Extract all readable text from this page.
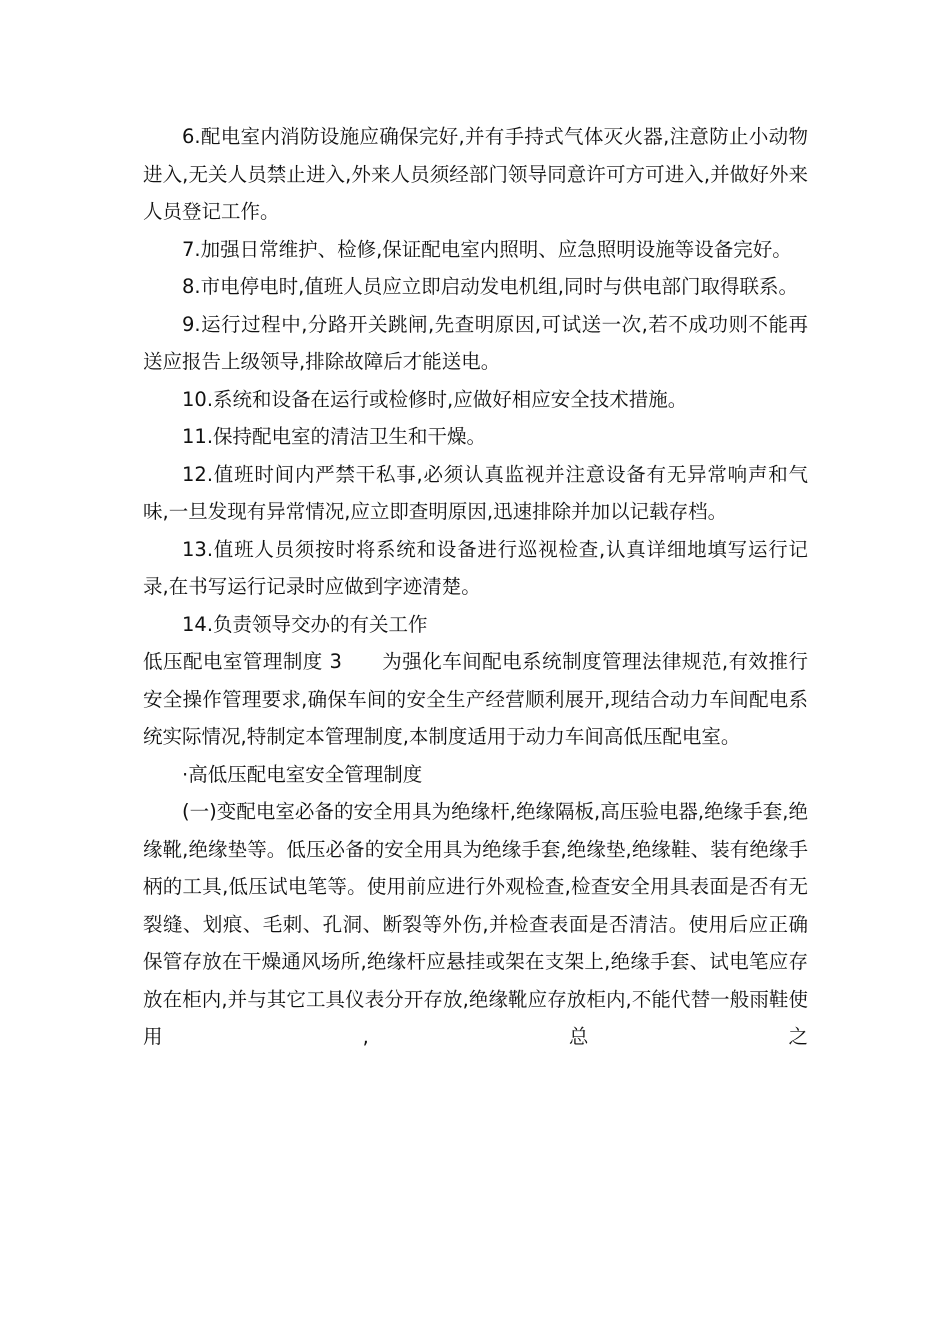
6.配电室内消防设施应确保完好,并有手持式气体灭火器,注意防止小动物进入,无关人员禁止进入,外来人员须经部门领导同意许可方可进入,并做好外来人员登记工作。

7.加强日常维护、检修,保证配电室内照明、应急照明设施等设备完好。

8.市电停电时,值班人员应立即启动发电机组,同时与供电部门取得联系。

9.运行过程中,分路开关跳闸,先查明原因,可试送一次,若不成功则不能再送应报告上级领导,排除故障后才能送电。

10.系统和设备在运行或检修时,应做好相应安全技术措施。

11.保持配电室的清洁卫生和干燥。

12.值班时间内严禁干私事,必须认真监视并注意设备有无异常响声和气味,一旦发现有异常情况,应立即查明原因,迅速排除并加以记载存档。

13.值班人员须按时将系统和设备进行巡视检查,认真详细地填写运行记录,在书写运行记录时应做到字迹清楚。

14.负责领导交办的有关工作

低压配电室管理制度 3　　为强化车间配电系统制度管理法律规范,有效推行安全操作管理要求,确保车间的安全生产经营顺利展开,现结合动力车间配电系统实际情况,特制定本管理制度,本制度适用于动力车间高低压配电室。

·高低压配电室安全管理制度

(一)变配电室必备的安全用具为绝缘杆,绝缘隔板,高压验电器,绝缘手套,绝缘靴,绝缘垫等。低压必备的安全用具为绝缘手套,绝缘垫,绝缘鞋、装有绝缘手柄的工具,低压试电笔等。使用前应进行外观检查,检查安全用具表面是否有无裂缝、划痕、毛刺、孔洞、断裂等外伤,并检查表面是否清洁。使用后应正确保管存放在干燥通风场所,绝缘杆应悬挂或架在支架上,绝缘手套、试电笔应存放在柜内,并与其它工具仪表分开存放,绝缘靴应存放柜内,不能代替一般雨鞋使用,总之
